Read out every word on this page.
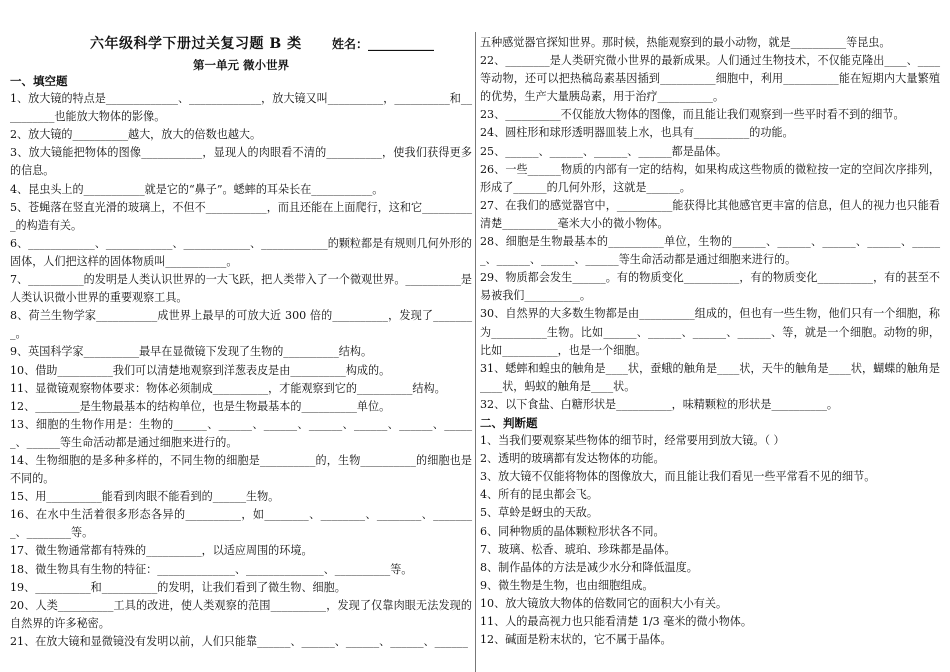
六年级科学下册过关复习题 B 类	姓名：___________
第一单元 微小世界
一、填空题

1、放大镜的特点是_____________、_____________，放大镜又叫__________，__________和__________也能放大物体的影像。

2、放大镜的__________越大，放大的倍数也越大。

3、放大镜能把物体的图像___________，显现人的肉眼看不清的__________，使我们获得更多的信息。

4、昆虫头上的___________就是它的“鼻子”。蟋蟀的耳朵长在___________。

5、苍蝇落在竖直光滑的玻璃上，不但不___________，而且还能在上面爬行，这和它__________的构造有关。

6、____________、____________、____________、____________的颗粒都是有规则几何外形的固体，人们把这样的固体物质叫___________。

7、__________的发明是人类认识世界的一大飞跃，把人类带入了一个微观世界。__________是人类认识微小世界的重要观察工具。

8、荷兰生物学家___________成世界上最早的可放大近 300 倍的__________，发现了________。

9、英国科学家__________最早在显微镜下发现了生物的__________结构。

10、借助__________我们可以清楚地观察到洋葱表皮是由__________构成的。

11、显微镜观察物体要求：物体必须制成__________，才能观察到它的__________结构。

12、________是生物最基本的结构单位，也是生物最基本的__________单位。

13、细胞的生物作用是：生物的______、______、______、______、______、______、______、______等生命活动都是通过细胞来进行的。

14、生物细胞的是多种多样的，不同生物的细胞是__________的，生物__________的细胞也是不同的。

15、用__________能看到肉眼不能看到的______生物。

16、在水中生活着很多形态各异的__________，如________、________、________、________、________等。

17、微生物通常都有特殊的__________，以适应周围的环境。

18、微生物具有生物的特征：______________、______________、__________等。

19、__________和__________的发明，让我们看到了微生物、细胞。

20、人类__________工具的改进，使人类观察的范围__________，发现了仅靠肉眼无法发现的自然界的许多秘密。

21、在放大镜和显微镜没有发明以前，人们只能靠______、______、______、______、______

五种感觉器官探知世界。那时候，热能观察到的最小动物，就是__________等昆虫。

22、________是人类研究微小世界的最新成果。人们通过生物技术，不仅能克隆出____、____等动物，还可以把热稿岛素基因插到__________细胞中，利用__________能在短期内大量繁殖的优势，生产大量胰岛素，用于治疗__________。

23、__________不仅能放大物体的图像，而且能让我们观察到一些平时看不到的细节。

24、圆柱形和球形透明器皿装上水，也具有__________的功能。

25、______、______、______、______都是晶体。

26、一些______物质的内部有一定的结构，如果构成这些物质的微粒按一定的空间次序排列，形成了______的几何外形，这就是______。

27、在我们的感觉器官中，__________能获得比其他感官更丰富的信息，但人的视力也只能看清楚__________毫米大小的微小物体。

28、细胞是生物最基本的__________单位，生物的______、______、______、______、______、______、______、______等生命活动都是通过细胞来进行的。

29、物质都会发生______。有的物质变化__________，有的物质变化__________，有的甚至不易被我们__________。

30、自然界的大多数生物都是由__________组成的，但也有一些生物，他们只有一个细胞，称为__________生物。比如______、______、______、______、等，就是一个细胞。动物的卵，比如__________，也是一个细胞。

31、蟋蟀和蝗虫的触角是____状，蚕蛾的触角是____状，天牛的触角是____状，蝴蝶的触角是____状，蚂蚁的触角是____状。

32、以下食盐、白糖形状是__________，味精颗粒的形状是__________。

二、判断题

1、当我们要观察某些物体的细节时，经常要用到放大镜。（ ）

2、透明的玻璃都有发达物体的功能。

3、放大镜不仅能将物体的图像放大，而且能让我们看见一些平常看不见的细节。

4、所有的昆虫都会飞。

5、草蛉是蚜虫的天敌。

6、同种物质的晶体颗粒形状各不同。

7、玻璃、松香、琥珀、珍珠都是晶体。

8、制作晶体的方法是减少水分和降低温度。

9、微生物是生物，也由细胞组成。

10、放大镜放大物体的倍数同它的面积大小有关。

11、人的最高视力也只能看清楚 1/3 毫米的微小物体。

12、碱面是粉末状的，它不属于晶体。
